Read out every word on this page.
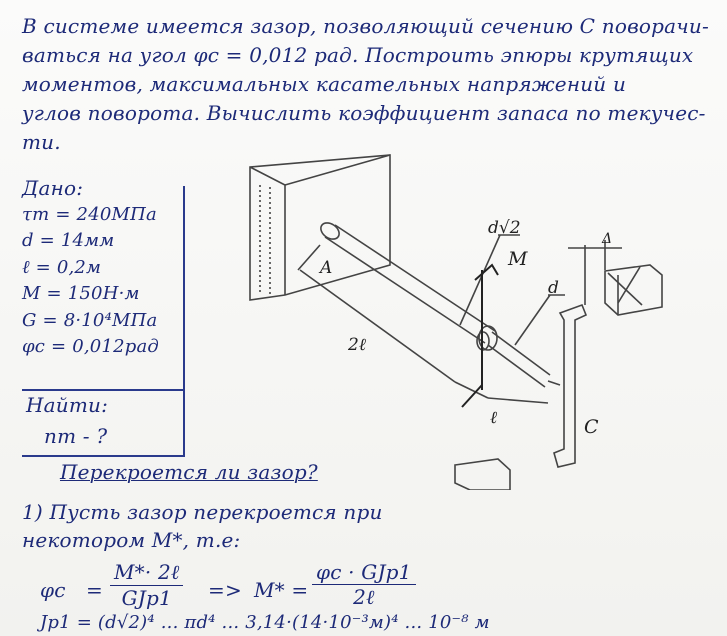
В системе имеется зазор, позволяющий сечению С поворачи-
ваться на угол φс = 0,012 рад. Построить эпюры крутящих
моментов, максимальных касательных напряжений и
углов поворота. Вычислить коэффициент запаса по текучес-
ти.
Дано:
τт = 240МПа
d = 14мм
ℓ = 0,2м
M = 150Н·м
G = 8·10⁴МПа
φс = 0,012рад
Найти:
nт - ?
A
2ℓ
d√2
M
d
ℓ	C
Δ
Перекроется ли зазор?
1) Пусть зазор перекроется при
некотором M*, т.е:
φc =
M*· 2ℓ
GJр1	=> M* =
φc · GJр1
2ℓ
Jр1 = (d√2)⁴ ... πd⁴ ... 3,14·(14·10⁻³м)⁴ ... 10⁻⁸ м
